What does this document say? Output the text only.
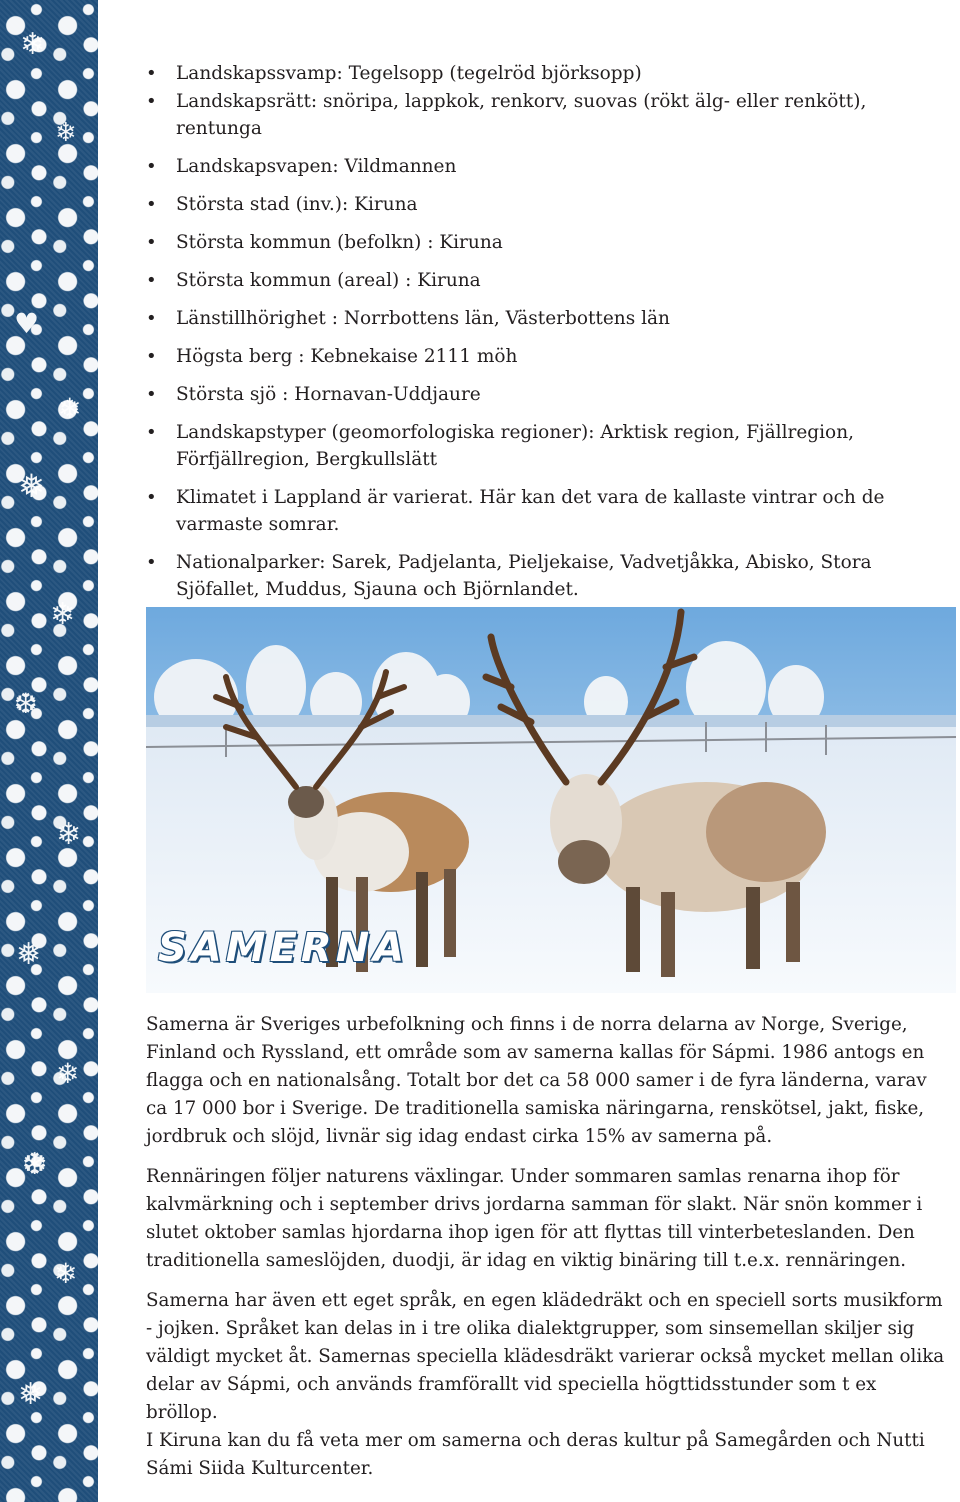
❄
❄
♥
❄
❅
❄
❆
❄
❅
❄
❆
❄
❅
• Landskapssvamp: Tegelsopp (tegelröd björksopp)
• Landskapsrätt: snöripa, lappkok, renkorv, suovas (rökt älg- eller renkött), rentunga
• Landskapsvapen: Vildmannen
• Största stad (inv.): Kiruna
• Största kommun (befolkn) : Kiruna
• Största kommun (areal) : Kiruna
• Länstillhörighet : Norrbottens län, Västerbottens län
• Högsta berg : Kebnekaise 2111 möh
• Största sjö : Hornavan-Uddjaure
• Landskapstyper (geomorfologiska regioner): Arktisk region, Fjällregion, Förfjällregion, Bergkullslätt
• Klimatet i Lappland är varierat. Här kan det vara de kallaste vintrar och de varmaste somrar.
• Nationalparker: Sarek, Padjelanta, Pieljekaise, Vadvetjåkka, Abisko, Stora Sjöfallet, Muddus, Sjauna och Björnlandet.
SAMERNA

Samerna är Sveriges urbefolkning och finns i de norra delarna av Norge, Sverige, Finland och Ryssland, ett område som av samerna kallas för Sápmi. 1986 antogs en flagga och en nationalsång. Totalt bor det ca 58 000 samer i de fyra länderna, varav ca 17 000 bor i Sverige. De traditionella samiska näringarna, renskötsel, jakt, fiske, jordbruk och slöjd, livnär sig idag endast cirka 15% av samerna på.

Rennäringen följer naturens växlingar. Under sommaren samlas renarna ihop för kalvmärkning och i september drivs jordarna samman för slakt. När snön kommer i slutet oktober samlas hjordarna ihop igen för att flyttas till vinterbeteslanden. Den traditionella sameslöjden, duodji, är idag en viktig binäring till t.e.x. rennäringen.

Samerna har även ett eget språk, en egen klädedräkt och en speciell sorts musikform - jojken. Språket kan delas in i tre olika dialektgrupper, som sinsemellan skiljer sig väldigt mycket åt. Samernas speciella klädesdräkt varierar också mycket mellan olika delar av Sápmi, och används framförallt vid speciella högttidsstunder som t ex bröllop.

I Kiruna kan du få veta mer om samerna och deras kultur på Samegården och Nutti Sámi Siida Kulturcenter.
